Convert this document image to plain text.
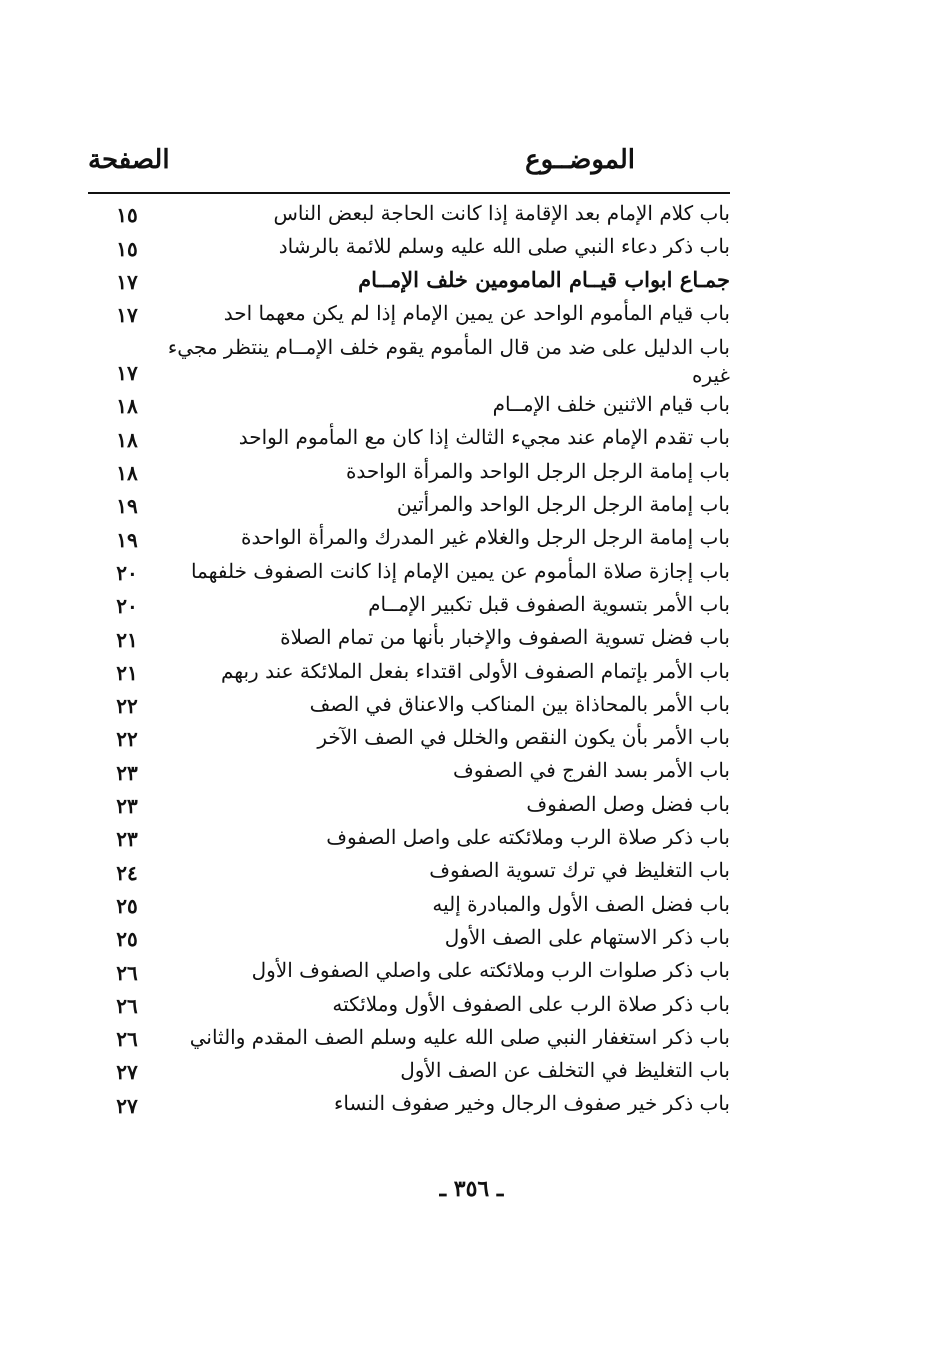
الموضــوع
الصفحة
باب كلام الإمام بعد الإقامة إذا كانت الحاجة لبعض الناس
١٥
باب ذكر دعاء النبي صلى الله عليه وسلم للائمة بالرشاد
١٥
جمـاع ابواب قيــام المامومين خلف الإمــام
١٧
باب قيام المأموم الواحد عن يمين الإمام إذا لم يكن معهما احد
١٧
باب الدليل على ضد من قال المأموم يقوم خلف الإمــام ينتظر مجيء غيره
١٧
باب قيام الاثنين خلف الإمــام
١٨
باب تقدم الإمام عند مجيء الثالث إذا كان مع المأموم الواحد
١٨
باب إمامة الرجل الرجل الواحد والمرأة الواحدة
١٨
باب إمامة الرجل الرجل الواحد والمرأتين
١٩
باب إمامة الرجل الرجل والغلام غير المدرك والمرأة الواحدة
١٩
باب إجازة صلاة المأموم عن يمين الإمام إذا كانت الصفوف خلفهما
٢٠
باب الأمر بتسوية الصفوف قبل تكبير الإمــام
٢٠
باب فضل تسوية الصفوف والإخبار بأنها من تمام الصلاة
٢١
باب الأمر بإتمام الصفوف الأولى اقتداء بفعل الملائكة عند ربهم
٢١
باب الأمر بالمحاذاة بين المناكب والاعناق في الصف
٢٢
باب الأمر بأن يكون النقص والخلل في الصف الآخر
٢٢
باب الأمر بسد الفرج في الصفوف
٢٣
باب فضل وصل الصفوف
٢٣
باب ذكر صلاة الرب وملائكته على واصل الصفوف
٢٣
باب التغليظ في ترك تسوية الصفوف
٢٤
باب فضل الصف الأول والمبادرة إليه
٢٥
باب ذكر الاستهام على الصف الأول
٢٥
باب ذكر صلوات الرب وملائكته على واصلي الصفوف الأول
٢٦
باب ذكر صلاة الرب على الصفوف الأول وملائكته
٢٦
باب ذكر استغفار النبي صلى الله عليه وسلم الصف المقدم والثاني
٢٦
باب التغليظ في التخلف عن الصف الأول
٢٧
باب ذكر خير صفوف الرجال وخير صفوف النساء
٢٧
ـ ٣٥٦ ـ
